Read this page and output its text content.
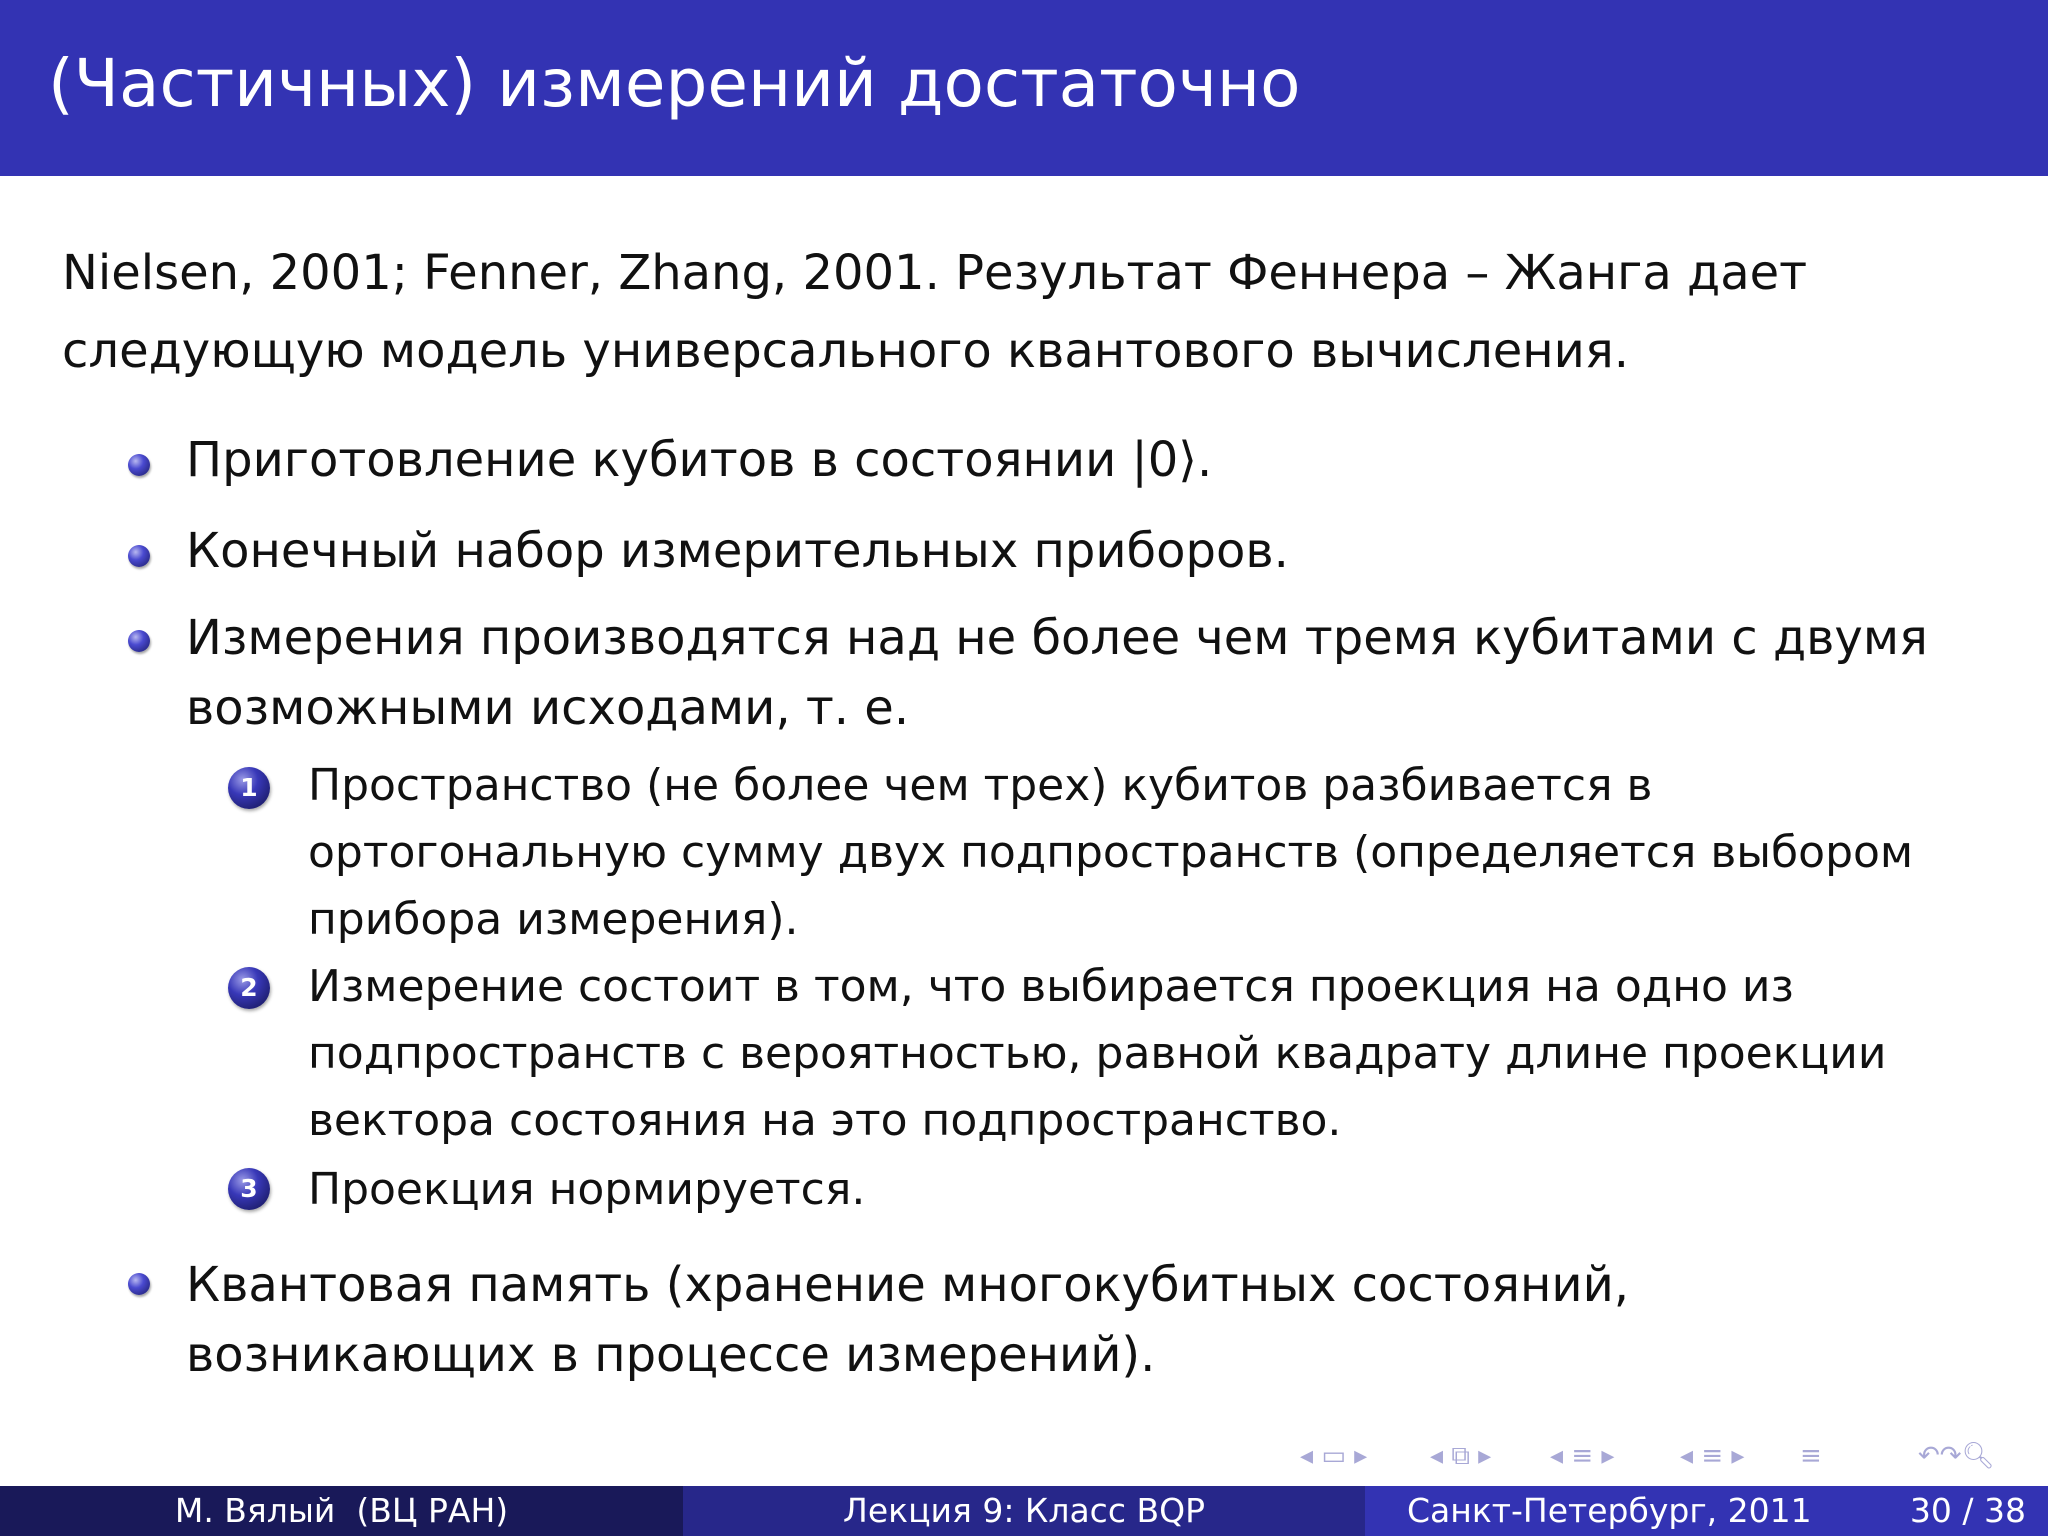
(Частичных) измерений достаточно

Nielsen, 2001; Fenner, Zhang, 2001. Результат Феннера – Жанга дает следующую модель универсального квантового вычисления.

Приготовление кубитов в состоянии |0⟩.

Конечный набор измерительных приборов.

Измерения производятся над не более чем тремя кубитами с двумя возможными исходами, т. е.

1 Пространство (не более чем трех) кубитов разбивается в ортогональную сумму двух подпространств (определяется выбором прибора измерения).

2 Измерение состоит в том, что выбирается проекция на одно из подпространств с вероятностью, равной квадрату длине проекции вектора состояния на это подпространство.

3 Проекция нормируется.

Квантовая память (хранение многокубитных состояний, возникающих в процессе измерений).

◂ ▭ ▸ ◂ ⧉ ▸ ◂ ≡ ▸	◂ ≡ ▸ ≡	↶↷🔍︎
М. Вялый  (ВЦ РАН)	Лекция 9: Класс BQP	Санкт-Петербург, 2011	30 / 38
